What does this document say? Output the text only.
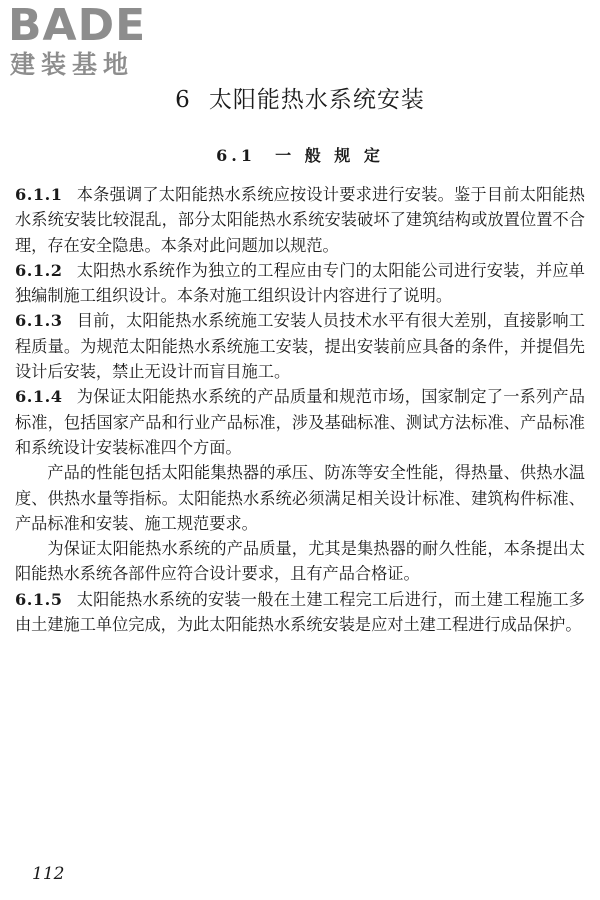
BADE
建装基地
6 太阳能热水系统安装
6.1 一 般 规 定

6.1.1 本条强调了太阳能热水系统应按设计要求进行安装。鉴于目前太阳能热水系统安装比较混乱，部分太阳能热水系统安装破坏了建筑结构或放置位置不合理，存在安全隐患。本条对此问题加以规范。

6.1.2 太阳热水系统作为独立的工程应由专门的太阳能公司进行安装，并应单独编制施工组织设计。本条对施工组织设计内容进行了说明。

6.1.3 目前，太阳能热水系统施工安装人员技术水平有很大差别，直接影响工程质量。为规范太阳能热水系统施工安装，提出安装前应具备的条件，并提倡先设计后安装，禁止无设计而盲目施工。

6.1.4 为保证太阳能热水系统的产品质量和规范市场，国家制定了一系列产品标准，包括国家产品和行业产品标准，涉及基础标准、测试方法标准、产品标准和系统设计安装标准四个方面。

产品的性能包括太阳能集热器的承压、防冻等安全性能，得热量、供热水温度、供热水量等指标。太阳能热水系统必须满足相关设计标准、建筑构件标准、产品标准和安装、施工规范要求。

为保证太阳能热水系统的产品质量，尤其是集热器的耐久性能，本条提出太阳能热水系统各部件应符合设计要求，且有产品合格证。

6.1.5 太阳能热水系统的安装一般在土建工程完工后进行，而土建工程施工多由土建施工单位完成，为此太阳能热水系统安装是应对土建工程进行成品保护。

112
